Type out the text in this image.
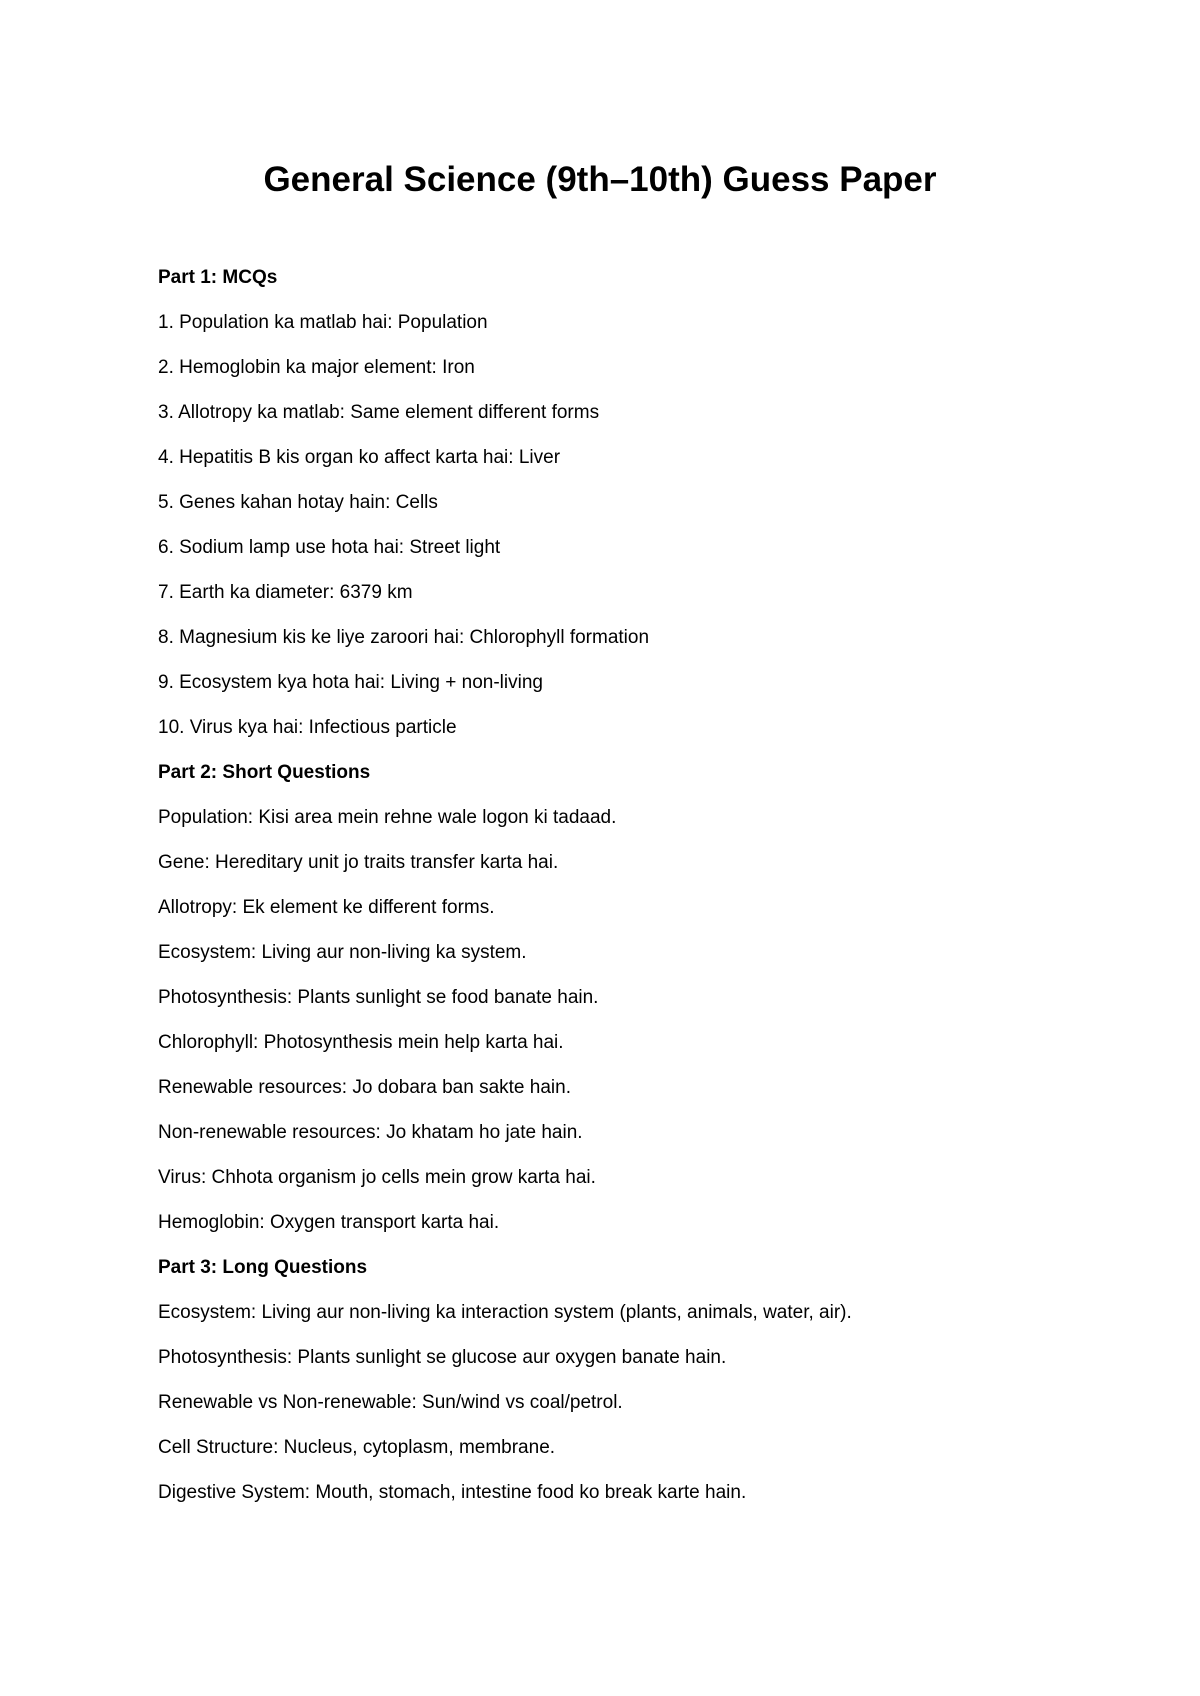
General Science (9th–10th) Guess Paper
Part 1: MCQs
1. Population ka matlab hai: Population
2. Hemoglobin ka major element: Iron
3. Allotropy ka matlab: Same element different forms
4. Hepatitis B kis organ ko affect karta hai: Liver
5. Genes kahan hotay hain: Cells
6. Sodium lamp use hota hai: Street light
7. Earth ka diameter: 6379 km
8. Magnesium kis ke liye zaroori hai: Chlorophyll formation
9. Ecosystem kya hota hai: Living + non-living
10. Virus kya hai: Infectious particle
Part 2: Short Questions
Population: Kisi area mein rehne wale logon ki tadaad.
Gene: Hereditary unit jo traits transfer karta hai.
Allotropy: Ek element ke different forms.
Ecosystem: Living aur non-living ka system.
Photosynthesis: Plants sunlight se food banate hain.
Chlorophyll: Photosynthesis mein help karta hai.
Renewable resources: Jo dobara ban sakte hain.
Non-renewable resources: Jo khatam ho jate hain.
Virus: Chhota organism jo cells mein grow karta hai.
Hemoglobin: Oxygen transport karta hai.
Part 3: Long Questions
Ecosystem: Living aur non-living ka interaction system (plants, animals, water, air).
Photosynthesis: Plants sunlight se glucose aur oxygen banate hain.
Renewable vs Non-renewable: Sun/wind vs coal/petrol.
Cell Structure: Nucleus, cytoplasm, membrane.
Digestive System: Mouth, stomach, intestine food ko break karte hain.
